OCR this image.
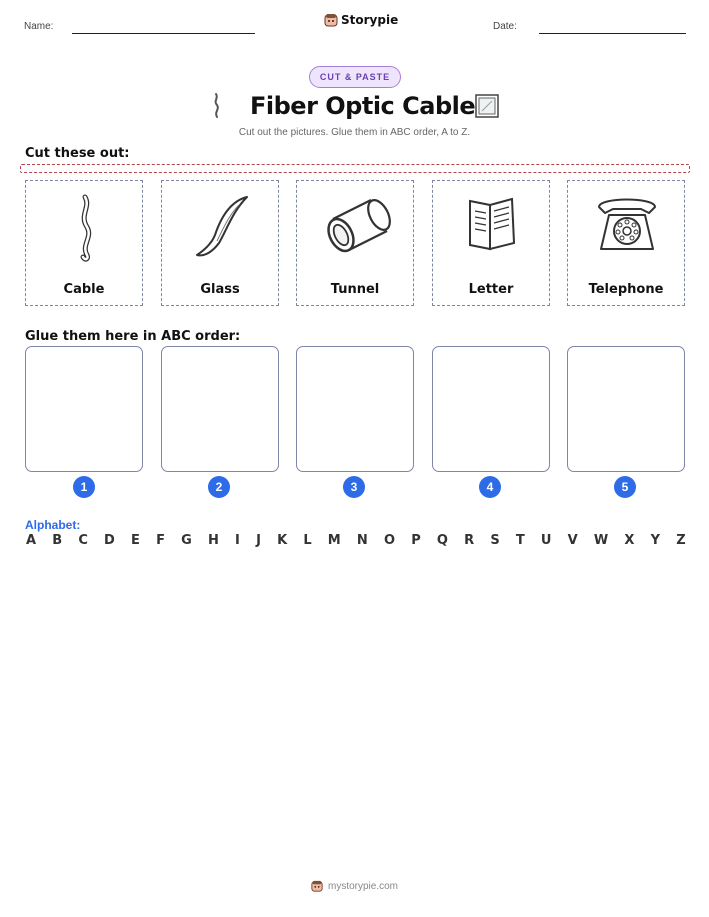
Name:	Storypie	Date:
CUT & PASTE
Fiber Optic Cable
Cut out the pictures. Glue them in ABC order, A to Z.
Cut these out:
Cable	Glass	Tunnel	Letter	Telephone
Glue them here in ABC order:
1	2	3	4	5
Alphabet:
A B C D E F G H I J K L M N O P Q R S T U V W X Y Z
mystorypie.com
